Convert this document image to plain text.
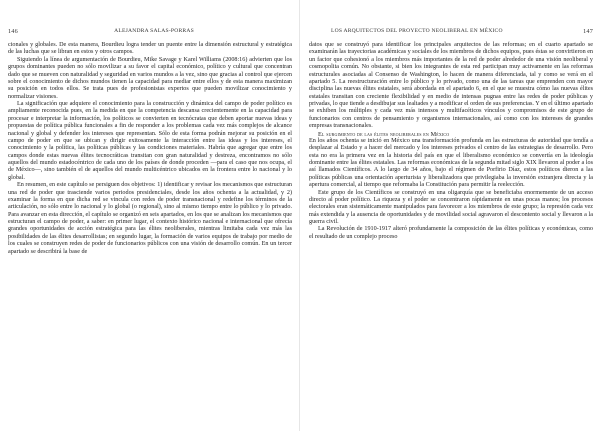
146	ALEJANDRA SALAS-PORRAS

cionales y globales. De esta manera, Bourdieu logra tender un puente entre la dimensión estructural y estratégica de las luchas que se libran en estos y otros campos.

Siguiendo la línea de argumentación de Bourdieu, Mike Savage y Karel Williams (2008:16) advierten que los grupos dominantes pueden no sólo movilizar a su favor el capital económico, político y cultural que concentran dado que se mueven con naturalidad y seguridad en varios mundos a la vez, sino que gracias al control que ejercen sobre el conocimiento de dichos mundos tienen la capacidad para mediar entre ellos y de esta manera maximizan su posición en todos ellos. Se trata pues de profesionistas expertos que pueden movilizar conocimiento y normalizar visiones.

La significación que adquiere el conocimiento para la construcción y dinámica del campo de poder político es ampliamente reconocida pues, en la medida en que la competencia descansa crecientemente en la capacidad para procesar e interpretar la información, los políticos se convierten en tecnócratas que deben aportar nuevas ideas y propuestas de política pública funcionales a fin de responder a los problemas cada vez más complejos de alcance nacional y global y defender los intereses que representan. Sólo de esta forma podrán mejorar su posición en el campo de poder en que se ubican y dirigir exitosamente la interacción entre las ideas y los intereses, el conocimiento y la política, las políticas públicas y las condiciones materiales. Habría que agregar que entre los campos donde estas nuevas élites tecnocráticas transitan con gran naturalidad y destreza, encontramos no sólo aquellos del mundo estadocéntrico de cada uno de los países de donde proceden —para el caso que nos ocupa, el de México—, sino también el de aquellos del mundo multicéntrico ubicados en la frontera entre lo nacional y lo global.

En resumen, en este capítulo se persiguen dos objetivos: 1) identificar y revisar los mecanismos que estructuran una red de poder que trasciende varios periodos presidenciales, desde los años ochenta a la actualidad, y 2) examinar la forma en que dicha red se vincula con redes de poder transnacional y redefine los términos de la articulación, no sólo entre lo nacional y lo global (o regional), sino al mismo tiempo entre lo público y lo privado. Para avanzar en esta dirección, el capítulo se organizó en seis apartados, en los que se analizan los mecanismos que estructuran el campo de poder, a saber: en primer lugar, el contexto histórico nacional e internacional que ofrecía grandes oportunidades de acción estratégica para las élites neoliberales, mientras limitaba cada vez más las posibilidades de las élites desarrollistas; en segundo lugar, la formación de varios equipos de trabajo por medio de los cuales se construyen redes de poder de funcionarios públicos con una visión de desarrollo común. En un tercer apartado se describirá la base de

LOS ARQUITECTOS DEL PROYECTO NEOLIBERAL EN MÉXICO	147

datos que se construyó para identificar los principales arquitectos de las reformas; en el cuarto apartado se examinarán las trayectorias académicas y sociales de los miembros de dichos equipos, pues éstas se convirtieron en un factor que cohesionó a los miembros más importantes de la red de poder alrededor de una visión neoliberal y cosmopolita común. No obstante, si bien los integrantes de esta red participan muy activamente en las reformas estructurales asociadas al Consenso de Washington, lo hacen de manera diferenciada, tal y como se verá en el apartado 5. La reestructuración entre lo público y lo privado, como una de las tareas que emprenden con mayor disciplina las nuevas élites estatales, será abordada en el apartado 6, en el que se muestra cómo las nuevas élites estatales transitan con creciente flexibilidad y en medio de intensas pugnas entre las redes de poder públicas y privadas, lo que tiende a desdibujar sus lealtades y a modificar el orden de sus preferencias. Y en el último apartado se exhiben los múltiples y cada vez más intensos y multifacéticos vínculos y compromisos de este grupo de funcionarios con centros de pensamiento y organismos internacionales, así como con los intereses de grandes empresas transnacionales.

El surgimiento de las élites neoliberales en México

En los años ochenta se inició en México una transformación profunda en las estructuras de autoridad que tendía a desplazar al Estado y a hacer del mercado y los intereses privados el centro de las estrategias de desarrollo. Pero esta no era la primera vez en la historia del país en que el liberalismo económico se convertía en la ideología dominante entre las élites estatales. Las reformas económicas de la segunda mitad siglo XIX llevaron al poder a los así llamados Científicos. A lo largo de 34 años, bajo el régimen de Porfirio Díaz, estos políticos dieron a las políticas públicas una orientación aperturista y liberalizadora que privilegiaba la inversión extranjera directa y la apertura comercial, al tiempo que reformaba la Constitución para permitir la reelección.

Este grupo de los Científicos se construyó en una oligarquía que se beneficiaba enormemente de un acceso directo al poder político. La riqueza y el poder se concentraron rápidamente en unas pocas manos; los procesos electorales eran sistemáticamente manipulados para favorecer a los miembros de este grupo; la represión cada vez más extendida y la ausencia de oportunidades y de movilidad social agravaron el descontento social y llevaron a la guerra civil.

La Revolución de 1910-1917 alteró profundamente la composición de las élites políticas y económicas, como el resultado de un complejo proceso
